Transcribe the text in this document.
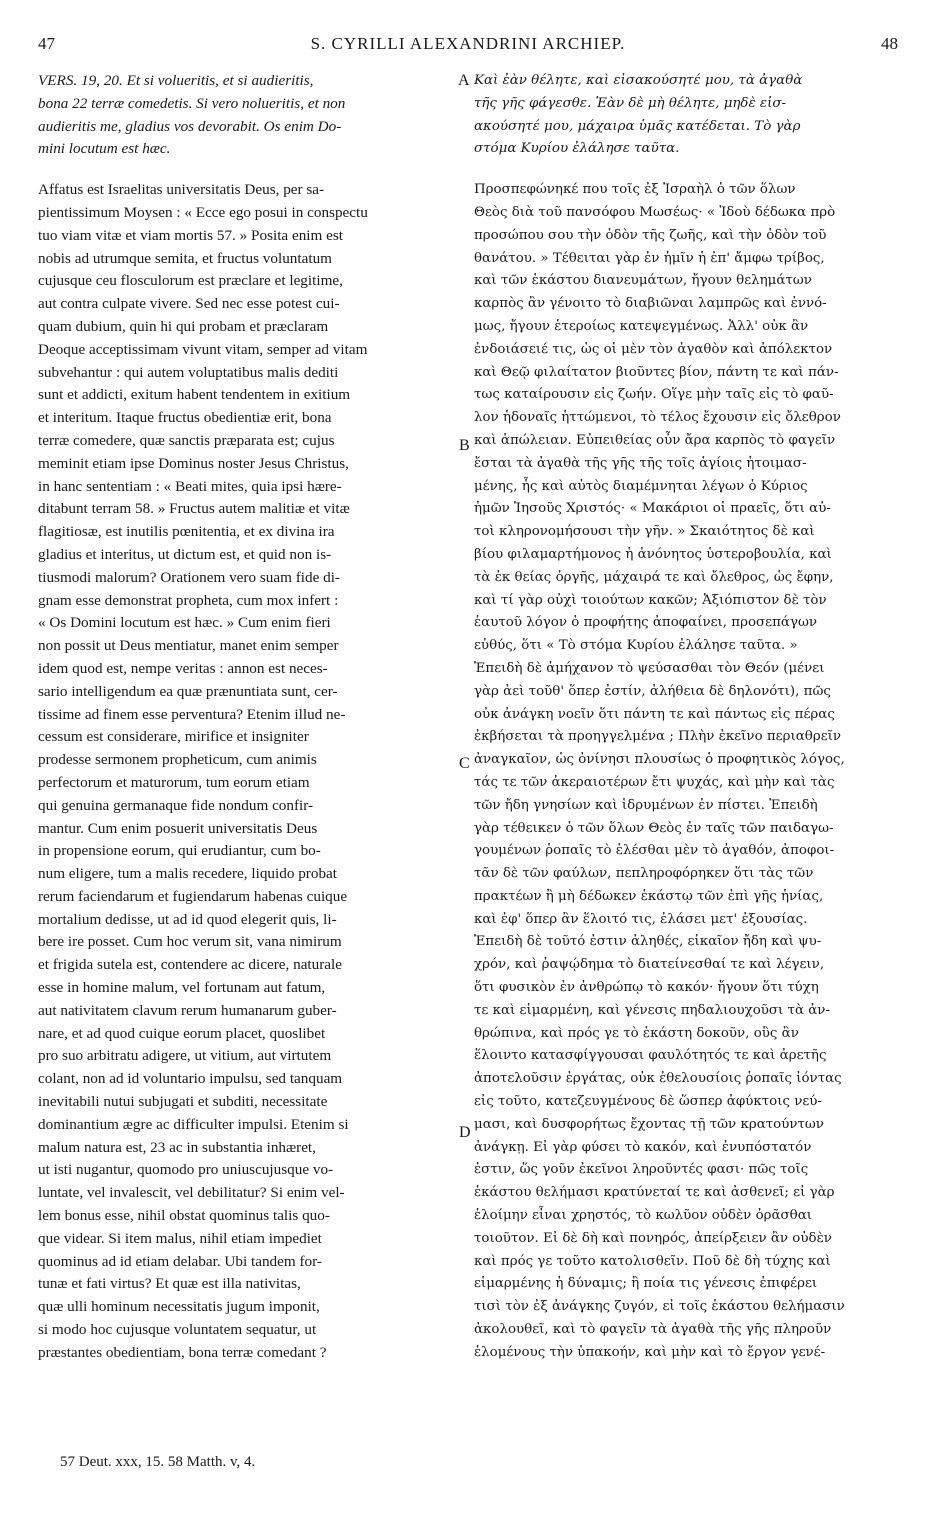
47	S. CYRILLI ALEXANDRINI ARCHIEP.	48
VERS. 19, 20. Et si volueritis, et si audieritis,
bona 22 terræ comedetis. Si vero nolueritis, et non
audieritis me, gladius vos devorabit. Os enim Do-
mini locutum est hæc.
Affatus est Israelitas universitatis Deus, per sa-
pientissimum Moysen : « Ecce ego posui in conspectu
tuo viam vitæ et viam mortis 57. » Posita enim est
nobis ad utrumque semita, et fructus voluntatum
cujusque ceu flosculorum est præclare et legitime,
aut contra culpate vivere. Sed nec esse potest cui-
quam dubium, quin hi qui probam et præclaram
Deoque acceptissimam vivunt vitam, semper ad vitam
subvehantur : qui autem voluptatibus malis dediti
sunt et addicti, exitum habent tendentem in exitium
et interitum. Itaque fructus obedientiæ erit, bona
terræ comedere, quæ sanctis præparata est; cujus
meminit etiam ipse Dominus noster Jesus Christus,
in hanc sententiam : « Beati mites, quia ipsi hære-
ditabunt terram 58. » Fructus autem malitiæ et vitæ
flagitiosæ, est inutilis pœnitentia, et ex divina ira
gladius et interitus, ut dictum est, et quid non is-
tiusmodi malorum? Orationem vero suam fide di-
gnam esse demonstrat propheta, cum mox infert :
« Os Domini locutum est hæc. » Cum enim fieri
non possit ut Deus mentiatur, manet enim semper
idem quod est, nempe veritas : annon est neces-
sario intelligendum ea quæ prænuntiata sunt, cer-
tissime ad finem esse perventura? Etenim illud ne-
cessum est considerare, mirifice et insigniter
prodesse sermonem propheticum, cum animis
perfectorum et maturorum, tum eorum etiam
qui genuina germanaque fide nondum confir-
mantur. Cum enim posuerit universitatis Deus
in propensione eorum, qui erudiantur, cum bo-
num eligere, tum a malis recedere, liquido probat
rerum faciendarum et fugiendarum habenas cuique
mortalium dedisse, ut ad id quod elegerit quis, li-
bere ire posset. Cum hoc verum sit, vana nimirum
et frigida sutela est, contendere ac dicere, naturale
esse in homine malum, vel fortunam aut fatum,
aut nativitatem clavum rerum humanarum guber-
nare, et ad quod cuique eorum placet, quoslibet
pro suo arbitratu adigere, ut vitium, aut virtutem
colant, non ad id voluntario impulsu, sed tanquam
inevitabili nutui subjugati et subditi, necessitate
dominantium ægre ac difficulter impulsi. Etenim si
malum natura est, 23 ac in substantia inhæret,
ut isti nugantur, quomodo pro uniuscujusque vo-
luntate, vel invalescit, vel debilitatur? Si enim vel-
lem bonus esse, nihil obstat quominus talis quo-
que videar. Si item malus, nihil etiam impediet
quominus ad id etiam delabar. Ubi tandem for-
tunæ et fati virtus? Et quæ est illa nativitas,
quæ ulli hominum necessitatis jugum imponit,
si modo hoc cujusque voluntatem sequatur, ut
præstantes obedientiam, bona terræ comedant ?
Καὶ ἐὰν θέλητε, καὶ εἰσακούσητέ μου, τὰ ἀγαθὰ
τῆς γῆς φάγεσθε. Ἐὰν δὲ μὴ θέλητε, μηδὲ εἰσ-
ακούσητέ μου, μάχαιρα ὑμᾶς κατέδεται. Τὸ γὰρ
στόμα Κυρίου ἐλάλησε ταῦτα.
Προσπεφώνηκέ που τοῖς ἐξ Ἰσραὴλ ὁ τῶν ὅλων
Θεὸς διὰ τοῦ πανσόφου Μωσέως· « Ἰδοὺ δέδωκα πρὸ
προσώπου σου τὴν ὁδὸν τῆς ζωῆς, καὶ τὴν ὁδὸν τοῦ
θανάτου. » Τέθειται γὰρ ἐν ἡμῖν ἡ ἐπ' ἄμφω τρίβος,
καὶ τῶν ἑκάστου διανευμάτων, ἤγουν θελημάτων
καρπὸς ἂν γένοιτο τὸ διαβιῶναι λαμπρῶς καὶ ἐννό-
μως, ἤγουν ἑτεροίως κατεψεγμένως. Ἀλλ' οὐκ ἂν
ἐνδοιάσειέ τις, ὡς οἱ μὲν τὸν ἀγαθὸν καὶ ἀπόλεκτον
καὶ Θεῷ φιλαίτατον βιοῦντες βίον, πάντη τε καὶ πάν-
τως καταίρουσιν εἰς ζωήν. Οἵγε μὴν ταῖς εἰς τὸ φαῦ-
λον ἡδοναῖς ἡττώμενοι, τὸ τέλος ἔχουσιν εἰς ὄλεθρον
καὶ ἀπώλειαν. Εὐπειθείας οὖν ἄρα καρπὸς τὸ φαγεῖν
ἔσται τὰ ἀγαθὰ τῆς γῆς τῆς τοῖς ἁγίοις ἡτοιμασ-
μένης, ἧς καὶ αὐτὸς διαμέμνηται λέγων ὁ Κύριος
ἡμῶν Ἰησοῦς Χριστός· « Μακάριοι οἱ πραεῖς, ὅτι αὐ-
τοὶ κληρονομήσουσι τὴν γῆν. » Σκαιότητος δὲ καὶ
βίου φιλαμαρτήμονος ἡ ἀνόνητος ὑστεροβουλία, καὶ
τὰ ἐκ θείας ὀργῆς, μάχαιρά τε καὶ ὄλεθρος, ὡς ἔφην,
καὶ τί γὰρ οὐχὶ τοιούτων κακῶν; Ἀξιόπιστον δὲ τὸν
ἑαυτοῦ λόγον ὁ προφήτης ἀποφαίνει, προσεπάγων
εὐθύς, ὅτι « Τὸ στόμα Κυρίου ἐλάλησε ταῦτα. »
Ἐπειδὴ δὲ ἀμήχανον τὸ ψεύσασθαι τὸν Θεόν (μένει
γὰρ ἀεὶ τοῦθ' ὅπερ ἐστίν, ἀλήθεια δὲ δηλονότι), πῶς
οὐκ ἀνάγκη νοεῖν ὅτι πάντη τε καὶ πάντως εἰς πέρας
ἐκβήσεται τὰ προηγγελμένα ; Πλὴν ἐκεῖνο περιαθρεῖν
ἀναγκαῖον, ὡς ὀνίνησι πλουσίως ὁ προφητικὸς λόγος,
τάς τε τῶν ἀκεραιοτέρων ἔτι ψυχάς, καὶ μὴν καὶ τὰς
τῶν ἤδη γνησίων καὶ ἱδρυμένων ἐν πίστει. Ἐπειδὴ
γὰρ τέθεικεν ὁ τῶν ὅλων Θεὸς ἐν ταῖς τῶν παιδαγω-
γουμένων ῥοπαῖς τὸ ἑλέσθαι μὲν τὸ ἀγαθόν, ἀποφοι-
τᾶν δὲ τῶν φαύλων, πεπληροφόρηκεν ὅτι τὰς τῶν
πρακτέων ἢ μὴ δέδωκεν ἑκάστῳ τῶν ἐπὶ γῆς ἡνίας,
καὶ ἐφ' ὅπερ ἂν ἕλοιτό τις, ἐλάσει μετ' ἐξουσίας.
Ἐπειδὴ δὲ τοῦτό ἐστιν ἀληθές, εἰκαῖον ἤδη καὶ ψυ-
χρόν, καὶ ῥαψῴδημα τὸ διατείνεσθαί τε καὶ λέγειν,
ὅτι φυσικὸν ἐν ἀνθρώπῳ τὸ κακόν· ἤγουν ὅτι τύχη
τε καὶ εἱμαρμένη, καὶ γένεσις πηδαλιουχοῦσι τὰ ἀν-
θρώπινα, καὶ πρός γε τὸ ἑκάστη δοκοῦν, οὓς ἂν
ἕλοιντο κατασφίγγουσαι φαυλότητός τε καὶ ἀρετῆς
ἀποτελοῦσιν ἐργάτας, οὐκ ἐθελουσίοις ῥοπαῖς ἰόντας
εἰς τοῦτο, κατεζευγμένους δὲ ὥσπερ ἀφύκτοις νεύ-
μασι, καὶ δυσφορήτως ἔχοντας τῇ τῶν κρατούντων
ἀνάγκῃ. Εἰ γὰρ φύσει τὸ κακόν, καὶ ἐνυπόστατόν
ἐστιν, ὥς γοῦν ἐκεῖνοι ληροῦντές φασι· πῶς τοῖς
ἑκάστου θελήμασι κρατύνεταί τε καὶ ἀσθενεῖ; εἰ γὰρ
ἑλοίμην εἶναι χρηστός, τὸ κωλῦον οὐδὲν ὁρᾶσθαι
τοιοῦτον. Εἰ δὲ δὴ καὶ πονηρός, ἀπείρξειεν ἂν οὐδὲν
καὶ πρός γε τοῦτο κατολισθεῖν. Ποῦ δὲ δὴ τύχης καὶ
εἱμαρμένης ἡ δύναμις; ἢ ποία τις γένεσις ἐπιφέρει
τισὶ τὸν ἐξ ἀνάγκης ζυγόν, εἰ τοῖς ἑκάστου θελήμασιν
ἀκολουθεῖ, καὶ τὸ φαγεῖν τὰ ἀγαθὰ τῆς γῆς πληροῦν
ἑλομένους τὴν ὑπακοήν, καὶ μὴν καὶ τὸ ἔργον γενέ-
A
B
C
D
57 Deut. xxx, 15. 58 Matth. v, 4.
